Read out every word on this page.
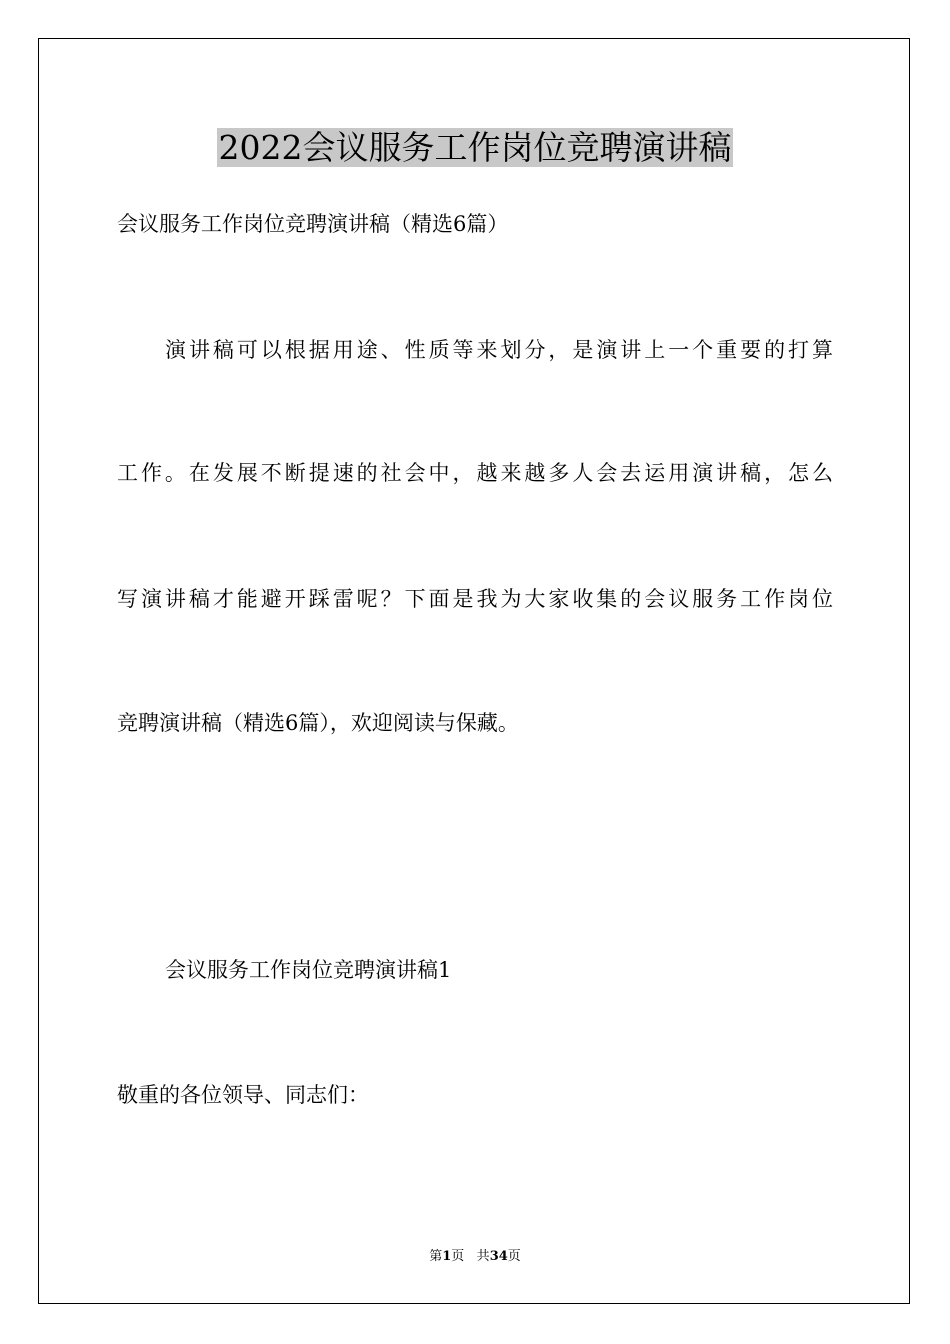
2022会议服务工作岗位竞聘演讲稿

会议服务工作岗位竞聘演讲稿（精选6篇）

演讲稿可以根据用途、性质等来划分，是演讲上一个重要的打算

工作。在发展不断提速的社会中，越来越多人会去运用演讲稿，怎么

写演讲稿才能避开踩雷呢？下面是我为大家收集的会议服务工作岗位

竞聘演讲稿（精选6篇），欢迎阅读与保藏。

会议服务工作岗位竞聘演讲稿1

敬重的各位领导、同志们：

第1页 共34页
